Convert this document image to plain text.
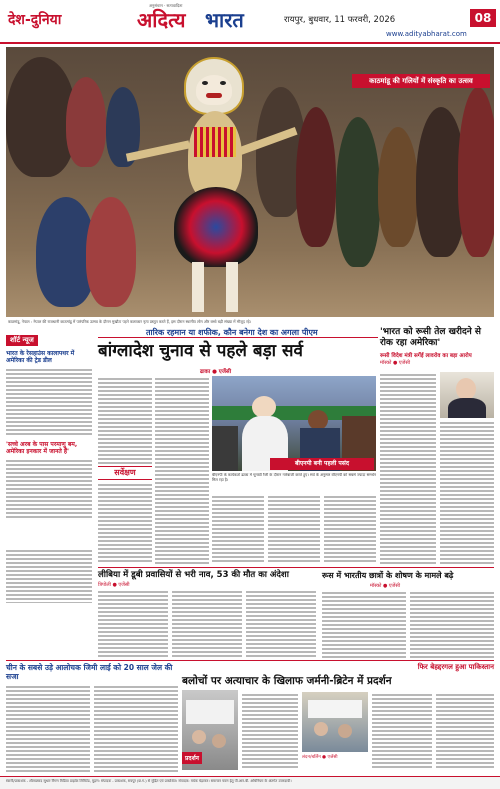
देश-दुनिया
अनुसंधान · सत्यवादिता
अदित्य भारत	रायपुर, बुधवार, 11 फरवरी, 2026
www.adityabharat.com
08
काठमांडू की गलियों में संस्कृति का उत्सव
काठमांडू, नेपाल : नेपाल की राजधानी काठमांडू में पारंपरिक उत्सव के दौरान मुखौटा पहने कलाकार नृत्य प्रस्तुत करते हैं, इस दौरान स्थानीय लोग और बच्चे बड़ी संख्या में मौजूद रहे।
शॉर्ट न्यूज
भारत के रेसहाउंस कालापथर में अमेरिका की ट्रेड डील
'सच्चे अरब के पास परमाणु बम, अमेरिका इनकार में जानते हैं'
तारिक रहमान या शफीक, कौन बनेगा देश का अगला पीएम
बांग्लादेश चुनाव से पहले बड़ा सर्व
ढाका ● एजेंसी
सर्वेक्षण
बीएनपी बनी पहली पसंद
बीएनपी के कार्यकर्ता ढाका में चुनावी रैली के दौरान नारेबाजी करते हुए। सर्वे के अनुसार बीएनपी को सबसे ज्यादा समर्थन मिल रहा है।
'भारत को रूसी तेल खरीदने से रोक रहा अमेरिका'
रूसी विदेश मंत्री सर्गेई लावरोव का बड़ा आरोप
मॉस्को ● एजेंसी
लीबिया में डूबी प्रवासियों से भरी नाव, 53 की मौत का अंदेशा
त्रिपोली ● एजेंसी
रूस में भारतीय छात्रों के शोषण के मामले बढ़े
मॉस्को ● एजेंसी
चीन के सबसे उड़े आलोचक जिमी लाई को 20 साल जेल की सजा
फिर बेहद्दरगल हुआ पाकिस्तान
बलोचों पर अत्याचार के खिलाफ जर्मनी-ब्रिटेन में प्रदर्शन
प्रदर्शन	लंदन/बर्लिन ● एजेंसी
स्वामी/प्रकाशक - शीलप्रसाद सुधार रिंगण मिडिया प्राइवेट लिमिटेड, मुद्रण: संपादक - प्रकाशक, रायपुर (छ.ग.) से मुद्रित एवं प्रकाशित। संपादक: मयंक चंद्राकर। समाचार चयन हेतु पी.आर.बी. अधिनियम के अंतर्गत उत्तरदायी।
